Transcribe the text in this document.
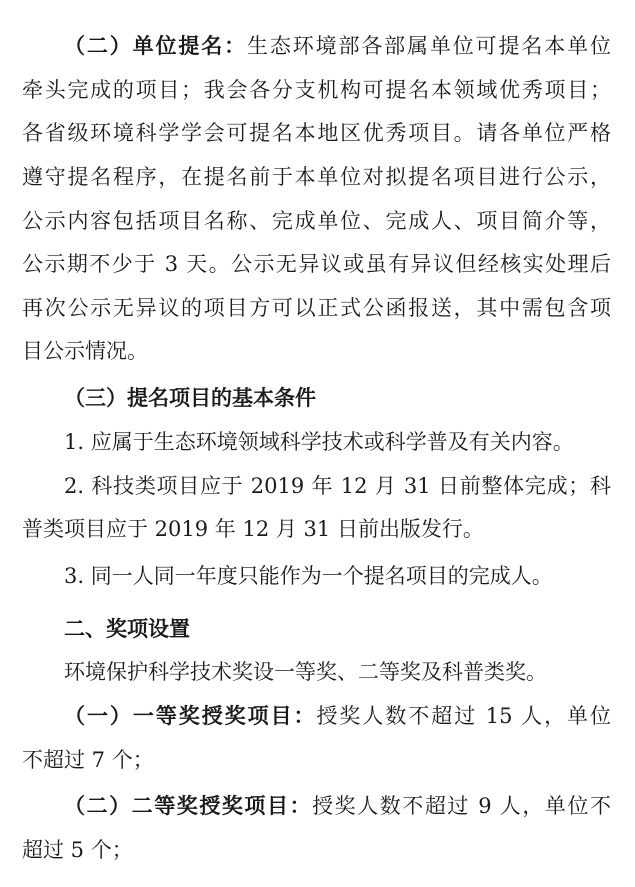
（二）单位提名：生态环境部各部属单位可提名本单位
牵头完成的项目；我会各分支机构可提名本领域优秀项目；
各省级环境科学学会可提名本地区优秀项目。请各单位严格
遵守提名程序，在提名前于本单位对拟提名项目进行公示，
公示内容包括项目名称、完成单位、完成人、项目简介等，
公示期不少于 3 天。公示无异议或虽有异议但经核实处理后
再次公示无异议的项目方可以正式公函报送，其中需包含项
目公示情况。
（三）提名项目的基本条件
1. 应属于生态环境领域科学技术或科学普及有关内容。
2. 科技类项目应于 2019 年 12 月 31 日前整体完成；科
普类项目应于 2019 年 12 月 31 日前出版发行。
3. 同一人同一年度只能作为一个提名项目的完成人。
二、奖项设置
环境保护科学技术奖设一等奖、二等奖及科普类奖。
（一）一等奖授奖项目：授奖人数不超过 15 人，单位
不超过 7 个；
（二）二等奖授奖项目：授奖人数不超过 9 人，单位不
超过 5 个；
